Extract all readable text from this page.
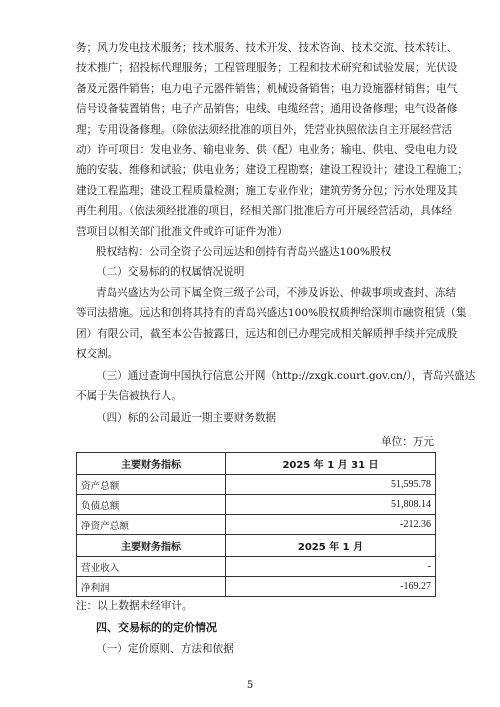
务；风力发电技术服务；技术服务、技术开发、技术咨询、技术交流、技术转让、
技术推广；招投标代理服务；工程管理服务；工程和技术研究和试验发展；光伏设
备及元器件销售；电力电子元器件销售；机械设备销售；电力设施器材销售；电气
信号设备装置销售；电子产品销售；电线、电缆经营；通用设备修理；电气设备修
理；专用设备修理。（除依法须经批准的项目外，凭营业执照依法自主开展经营活
动）许可项目：发电业务、输电业务、供（配）电业务；输电、供电、受电电力设
施的安装、维修和试验；供电业务；建设工程勘察；建设工程设计；建设工程施工；
建设工程监理；建设工程质量检测；施工专业作业；建筑劳务分包；污水处理及其
再生利用。（依法须经批准的项目，经相关部门批准后方可开展经营活动，具体经
营项目以相关部门批准文件或许可证件为准）
股权结构：公司全资子公司远达和创持有青岛兴盛达100%股权
（二）交易标的的权属情况说明
青岛兴盛达为公司下属全资三级子公司，不涉及诉讼、仲裁事项或查封、冻结
等司法措施。远达和创将其持有的青岛兴盛达100%股权质押给深圳市融资租赁（集
团）有限公司，截至本公告披露日，远达和创已办理完成相关解质押手续并完成股
权交割。
（三）通过查询中国执行信息公开网（http://zxgk.court.gov.cn/），青岛兴盛达
不属于失信被执行人。
（四）标的公司最近一期主要财务数据
单位：万元
主要财务指标	2025 年 1 月 31 日
资产总额	51,595.78
负债总额	51,808.14
净资产总额	-212.36
主要财务指标	2025 年 1 月
营业收入	-
净利润	-169.27
注：以上数据未经审计。
四、交易标的的定价情况
（一）定价原则、方法和依据
5
